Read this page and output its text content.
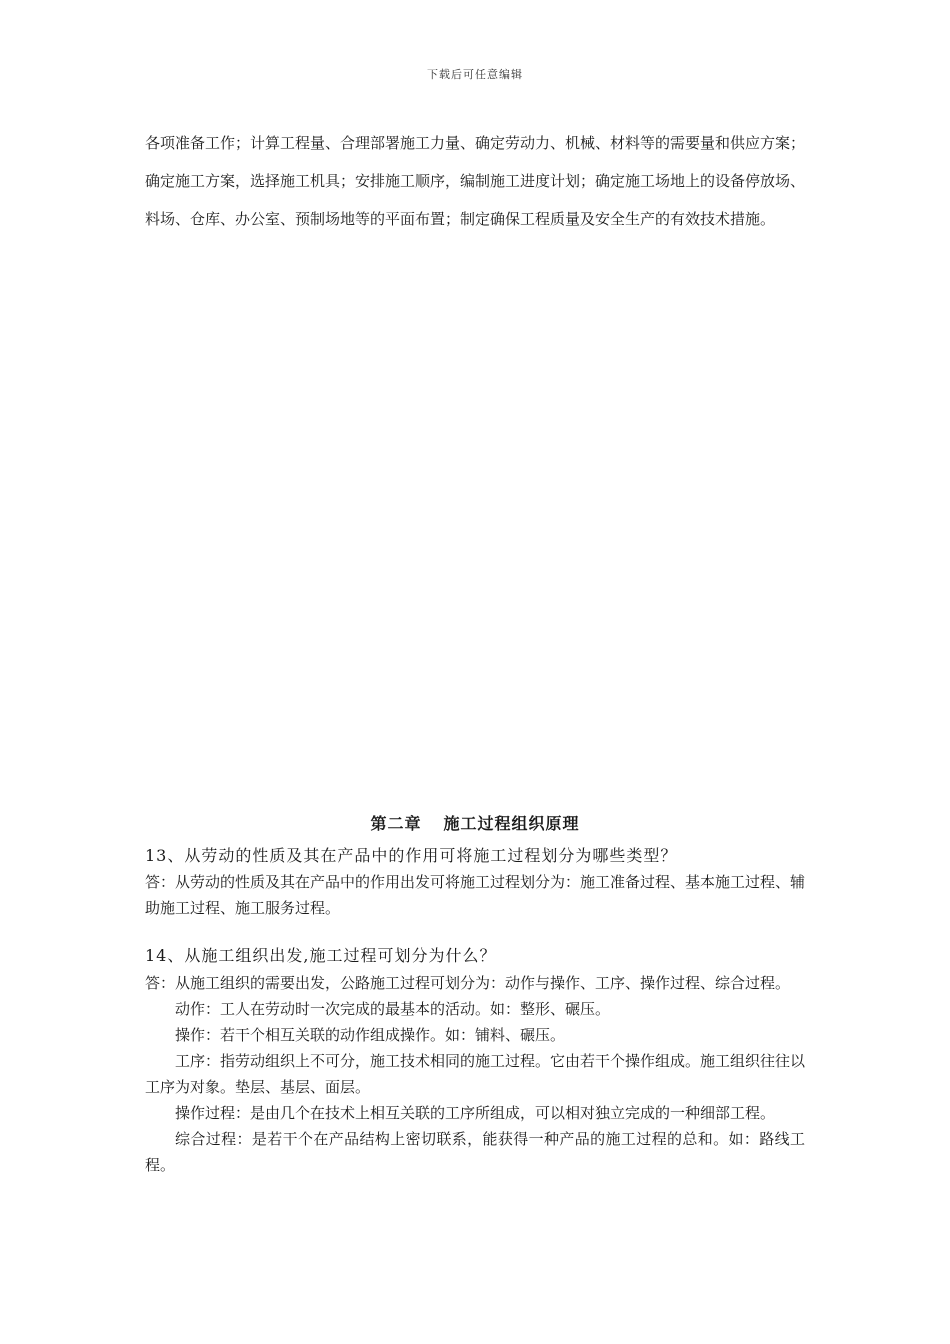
下载后可任意编辑
各项准备工作；计算工程量、合理部署施工力量、确定劳动力、机械、材料等的需要量和供应方案；确定施工方案，选择施工机具；安排施工顺序，编制施工进度计划；确定施工场地上的设备停放场、料场、仓库、办公室、预制场地等的平面布置；制定确保工程质量及安全生产的有效技术措施。
第二章 施工过程组织原理
13、从劳动的性质及其在产品中的作用可将施工过程划分为哪些类型？

答：从劳动的性质及其在产品中的作用出发可将施工过程划分为：施工准备过程、基本施工过程、辅助施工过程、施工服务过程。

14、从施工组织出发,施工过程可划分为什么？

答：从施工组织的需要出发，公路施工过程可划分为：动作与操作、工序、操作过程、综合过程。

动作：工人在劳动时一次完成的最基本的活动。如：整形、碾压。

操作：若干个相互关联的动作组成操作。如：铺料、碾压。

工序：指劳动组织上不可分，施工技术相同的施工过程。它由若干个操作组成。施工组织往往以工序为对象。垫层、基层、面层。

操作过程：是由几个在技术上相互关联的工序所组成，可以相对独立完成的一种细部工程。

综合过程：是若干个在产品结构上密切联系，能获得一种产品的施工过程的总和。如：路线工程。
